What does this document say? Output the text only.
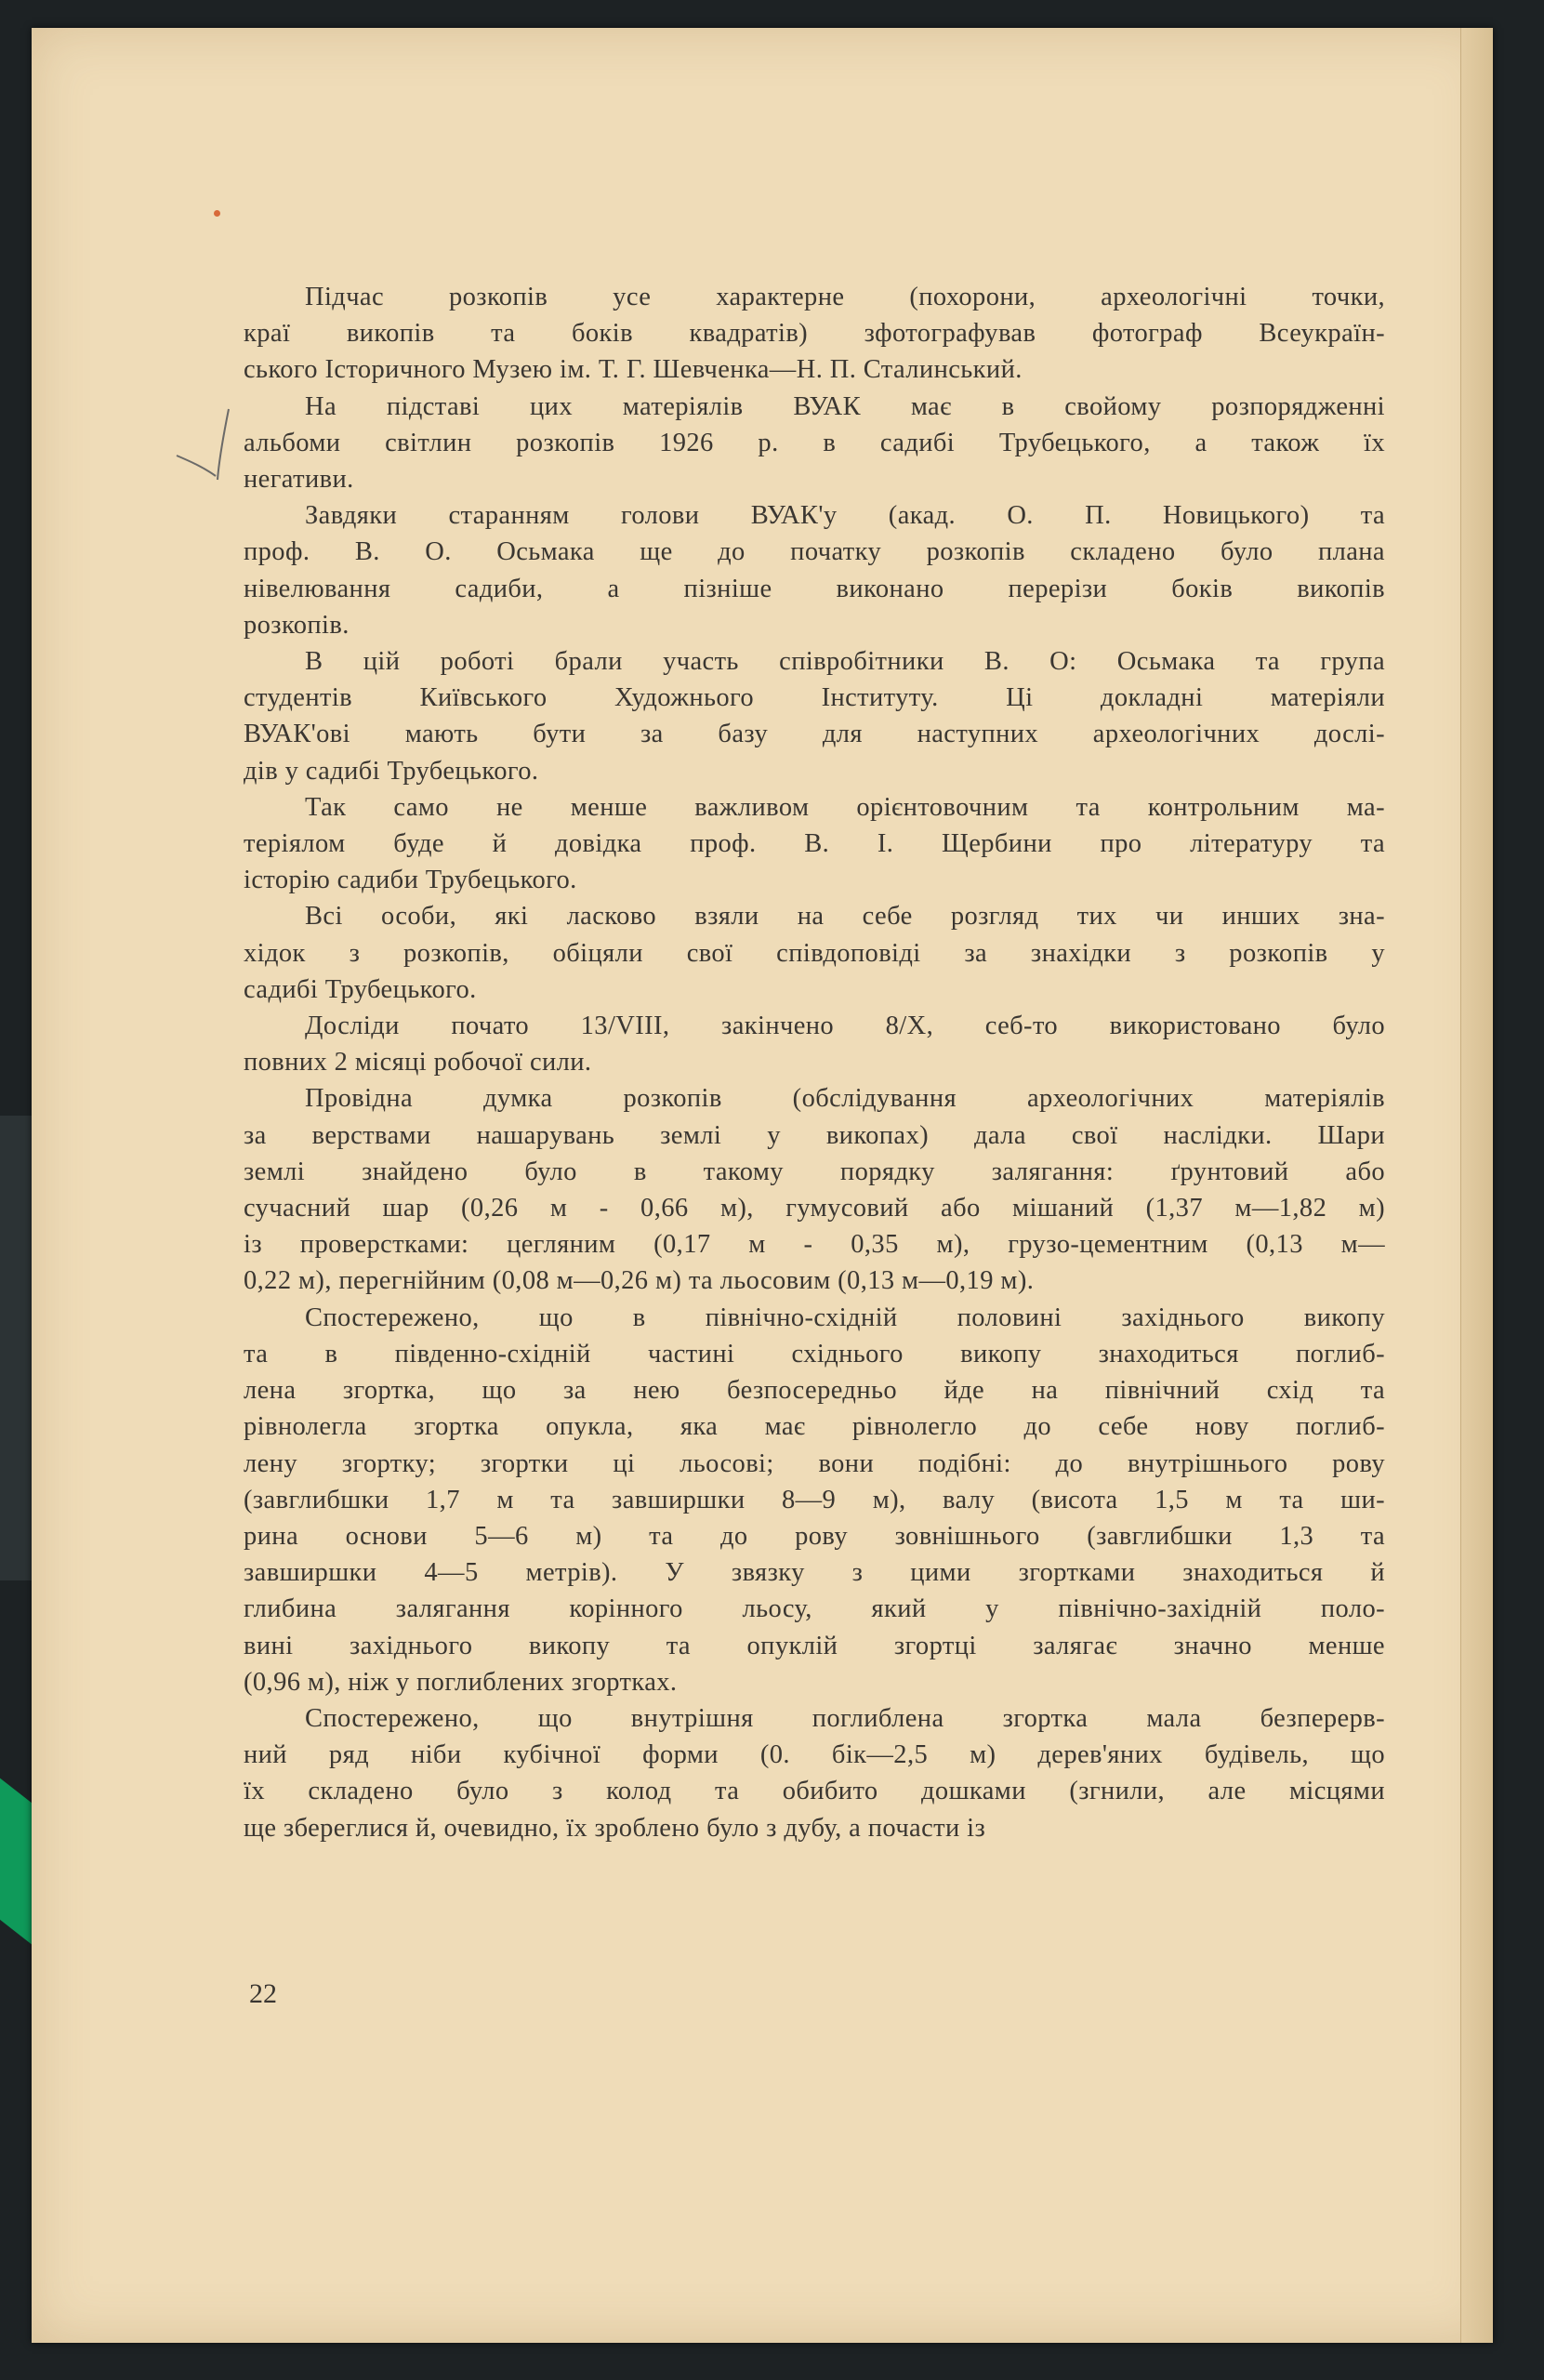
Підчас розкопів усе характерне (похорони, археологічні точки,
краї викопів та боків квадратів) зфотографував фотограф Всеукраїн-
ського Історичного Музею ім. Т. Г. Шевченка—Н. П. Сталинський.

На підставі цих матеріялів ВУАК має в свойому розпорядженні
альбоми світлин розкопів 1926 р. в садибі Трубецького, а також їх
негативи.

Завдяки старанням голови ВУАК'у (акад. О. П. Новицького) та
проф. В. О. Осьмака ще до початку розкопів складено було плана
нівелювання садиби, а пізніше виконано перерізи боків викопів
розкопів.

В цій роботі брали участь співробітники В. О: Осьмака та група
студентів Київського Художнього Інституту. Ці докладні матеріяли
ВУАК'ові мають бути за базу для наступних археологічних дослі-
дів у садибі Трубецького.

Так само не менше важливом орієнтовочним та контрольним ма-
теріялом буде й довідка проф. В. І. Щербини про літературу та
історію садиби Трубецького.

Всі особи, які ласково взяли на себе розгляд тих чи инших зна-
хідок з розкопів, обіцяли свої співдоповіді за знахідки з розкопів у
садибі Трубецького.

Досліди почато 13/VIII, закінчено 8/Х, себ-то використовано було
повних 2 місяці робочої сили.

Провідна думка розкопів (обслідування археологічних матеріялів
за верствами нашарувань землі у викопах) дала свої наслідки. Шари
землі знайдено було в такому порядку залягання: ґрунтовий або
сучасний шар (0,26 м - 0,66 м), гумусовий або мішаний (1,37 м—1,82 м)
із проверстками: цегляним (0,17 м - 0,35 м), грузо-цементним (0,13 м—
0,22 м), перегнійним (0,08 м—0,26 м) та льосовим (0,13 м—0,19 м).

Спостережено, що в північно-східній половині західнього викопу
та в південно-східній частині східнього викопу знаходиться поглиб-
лена згортка, що за нею безпосередньо йде на північний схід та
рівнолегла згортка опукла, яка має рівнолегло до себе нову поглиб-
лену згортку; згортки ці льосові; вони подібні: до внутрішнього рову
(завглибшки 1,7 м та завширшки 8—9 м), валу (висота 1,5 м та ши-
рина основи 5—6 м) та до рову зовнішнього (завглибшки 1,3 та
завширшки 4—5 метрів). У звязку з цими згортками знаходиться й
глибина залягання корінного льосу, який у північно-західній поло-
вині західнього викопу та опуклій згортці залягає значно менше
(0,96 м), ніж у поглиблених згортках.

Спостережено, що внутрішня поглиблена згортка мала безперерв-
ний ряд ніби кубічної форми (0. бік—2,5 м) дерев'яних будівель, що
їх складено було з колод та обибито дошками (згнили, але місцями
ще збереглися й, очевидно, їх зроблено було з дубу, а почасти із

22
